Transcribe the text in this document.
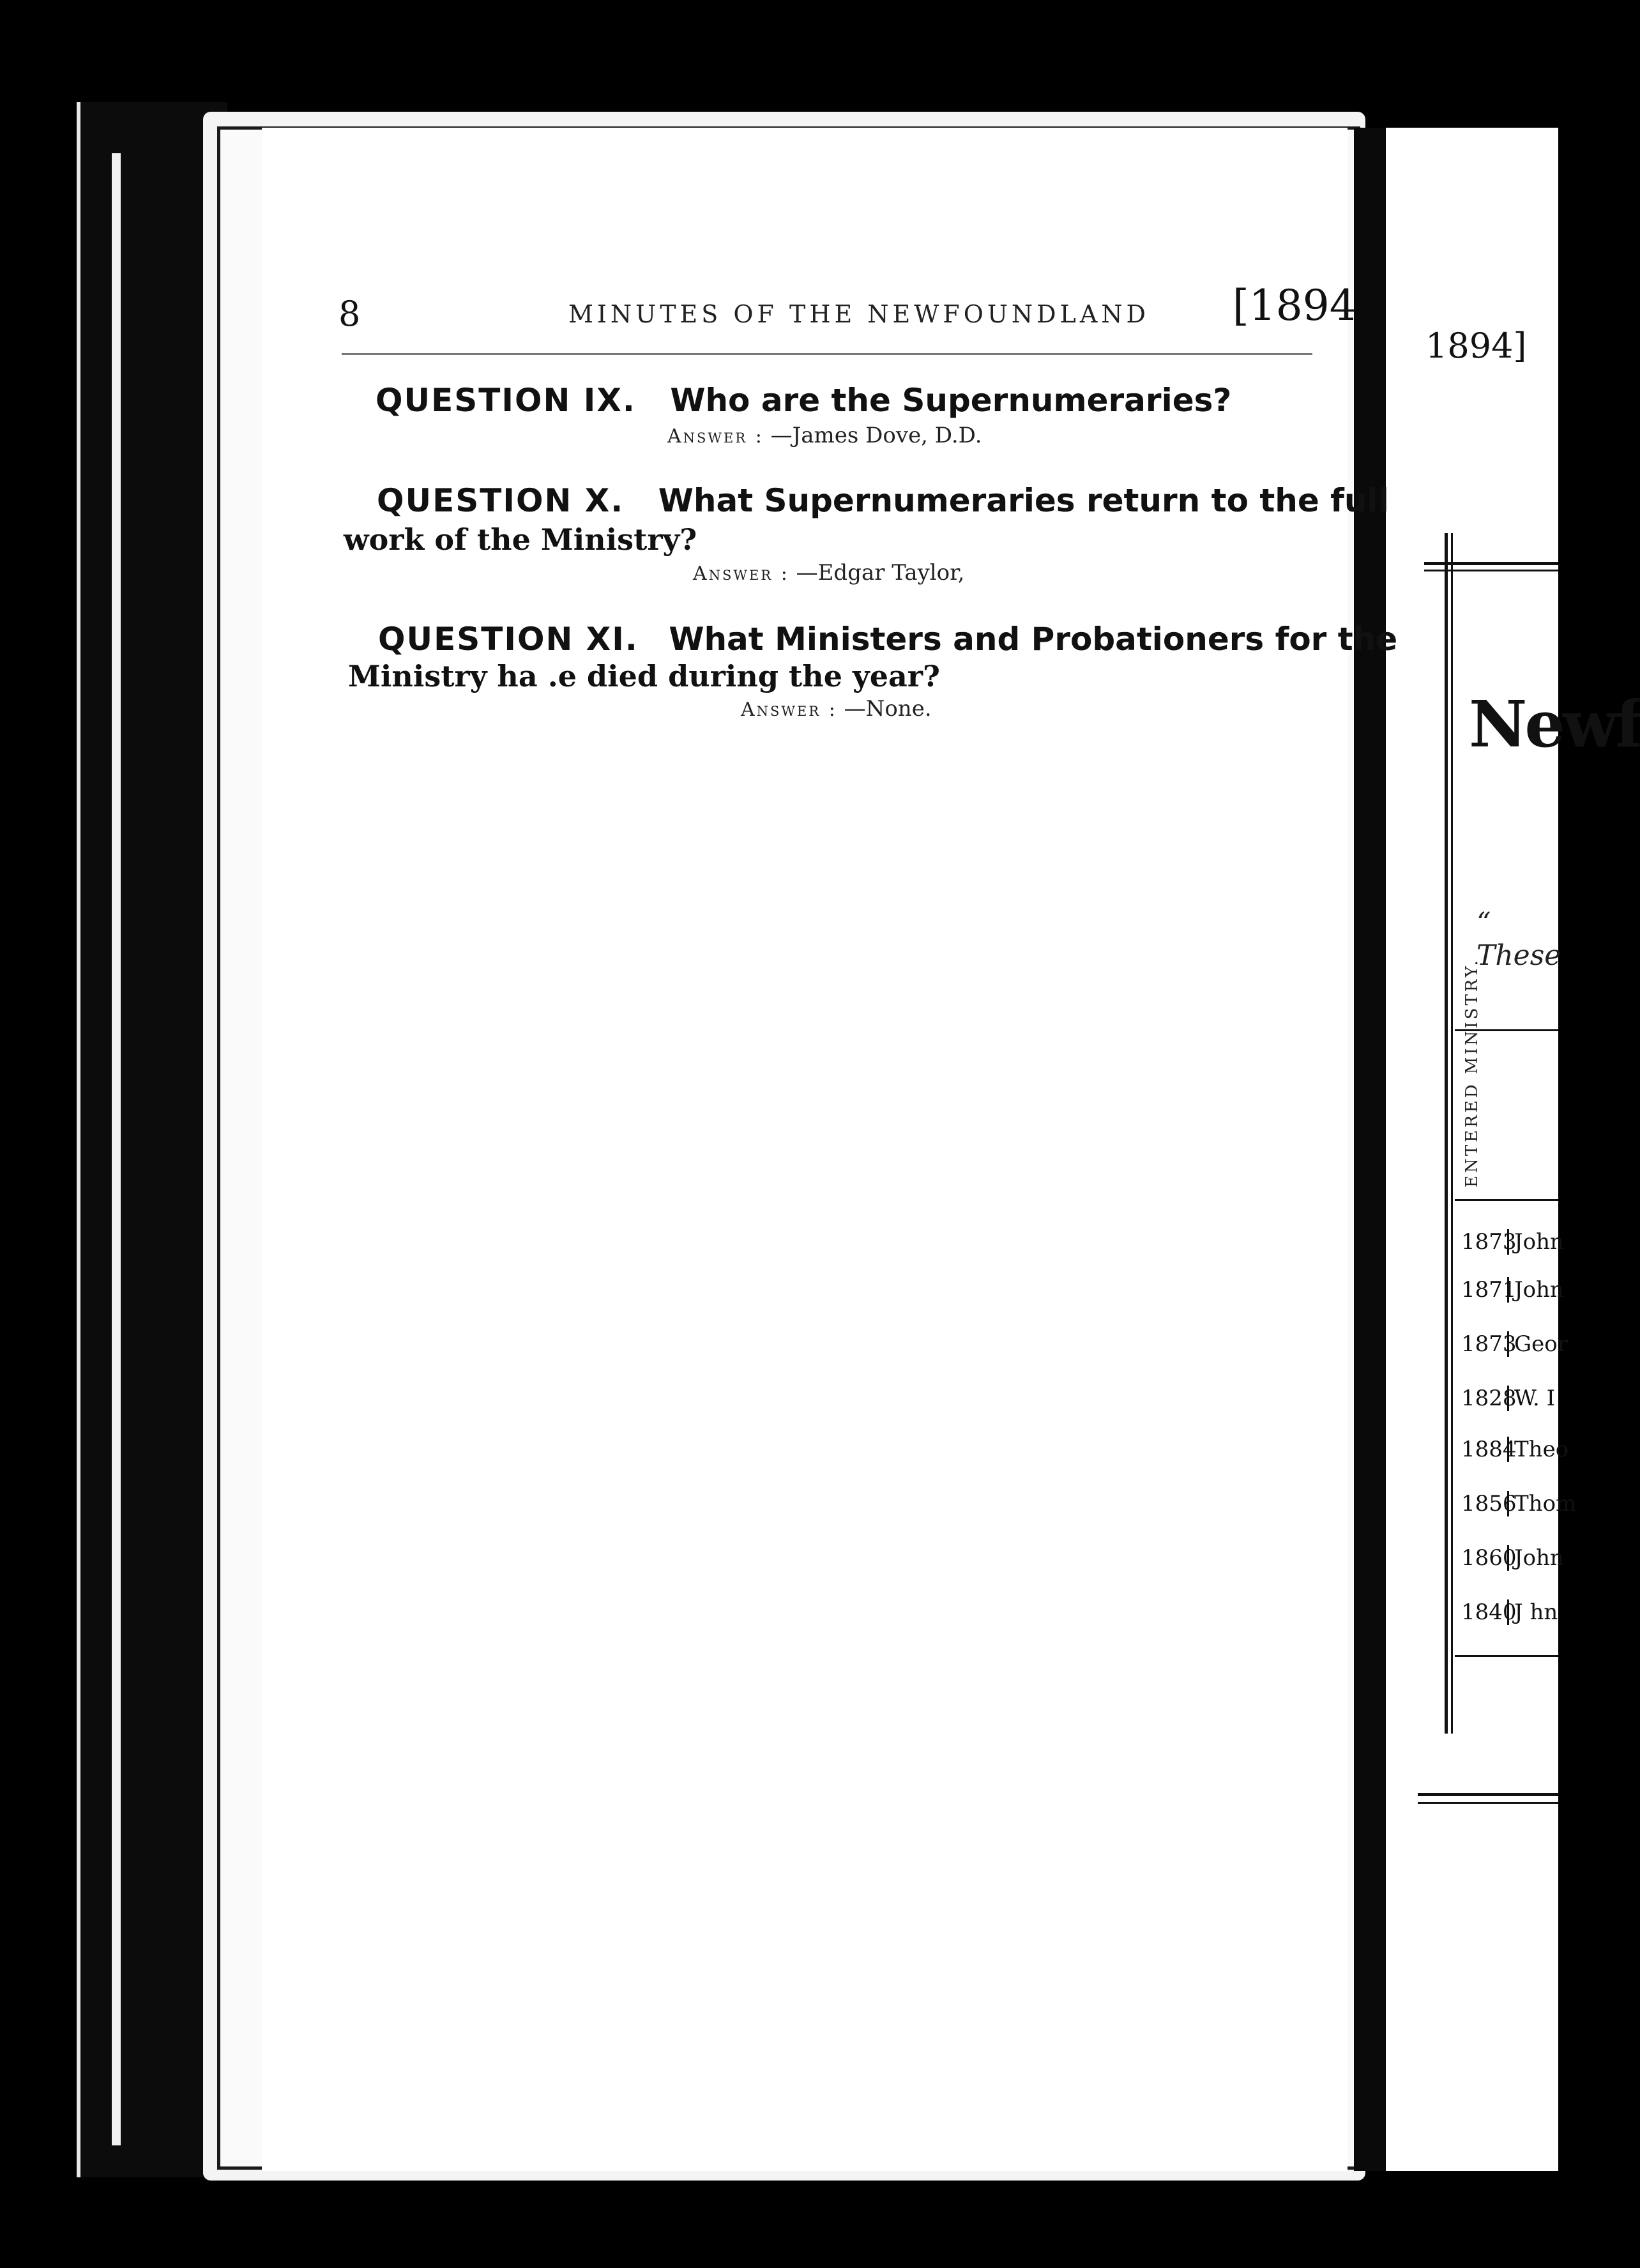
8	MINUTES OF THE NEWFOUNDLAND [1894
QUESTION IX. Who are the Supernumeraries?
Answer : —James Dove, D.D.
QUESTION X. What Supernumeraries return to the full
work of the Ministry?
Answer : —Edgar Taylor,
QUESTION XI. What Ministers and Probationers for the
Ministry ha .e died during the year?
Answer : —None.
1894]
Newf
“ These
ENTERED MINISTRY.
1873John
1871John
1873Geor
1828W. I
1884Theo
1856Thom
1860John
1840J hn
